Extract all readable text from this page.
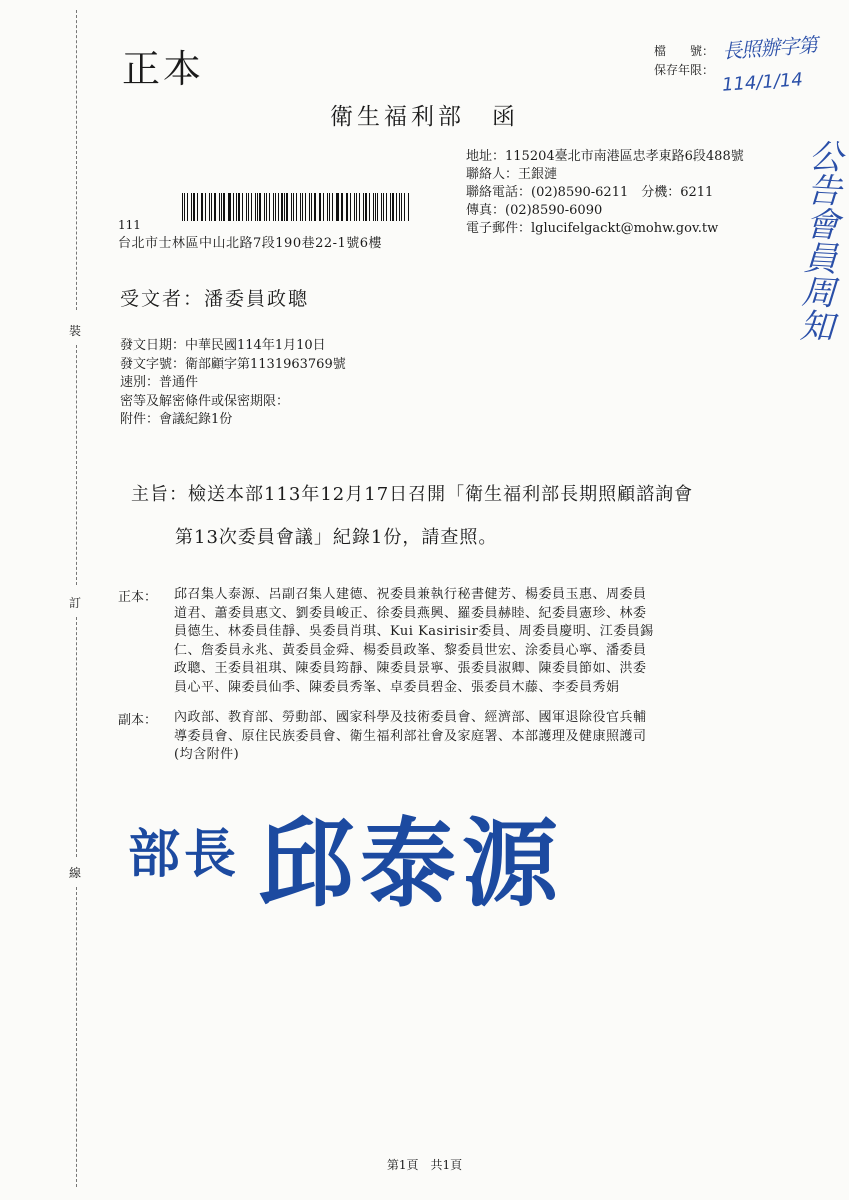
正本	檔　　號：
保存年限：
長照辦字第
114/1/14
公告會員周知
衛生福利部　函
地址：115204臺北市南港區忠孝東路6段488號
聯絡人：王銀漣
聯絡電話：(02)8590-6211　分機：6211
傳真：(02)8590-6090
電子郵件：lglucifelgackt@mohw.gov.tw
111
台北市士林區中山北路7段190巷22-1號6樓
裝
訂
線
受文者：潘委員政聰
發文日期：中華民國114年1月10日
發文字號：衛部顧字第1131963769號
速別：普通件
密等及解密條件或保密期限：
附件：會議紀錄1份
主旨：檢送本部113年12月17日召開「衛生福利部長期照顧諮詢會
第13次委員會議」紀錄1份，請查照。
正本： 邱召集人泰源、呂副召集人建德、祝委員兼執行秘書健芳、楊委員玉惠、周委員
道君、蕭委員惠文、劉委員峻正、徐委員燕興、羅委員赫睦、紀委員憲珍、林委
員德生、林委員佳靜、吳委員肖琪、Kui Kasirisir委員、周委員慶明、江委員錫
仁、詹委員永兆、黃委員金舜、楊委員政峯、黎委員世宏、涂委員心寧、潘委員
政聰、王委員祖琪、陳委員筠靜、陳委員景寧、張委員淑卿、陳委員節如、洪委
員心平、陳委員仙季、陳委員秀峯、卓委員碧金、張委員木藤、李委員秀娟
副本： 內政部、教育部、勞動部、國家科學及技術委員會、經濟部、國軍退除役官兵輔
導委員會、原住民族委員會、衛生福利部社會及家庭署、本部護理及健康照護司
(均含附件)
部長 邱泰源
第1頁　共1頁
